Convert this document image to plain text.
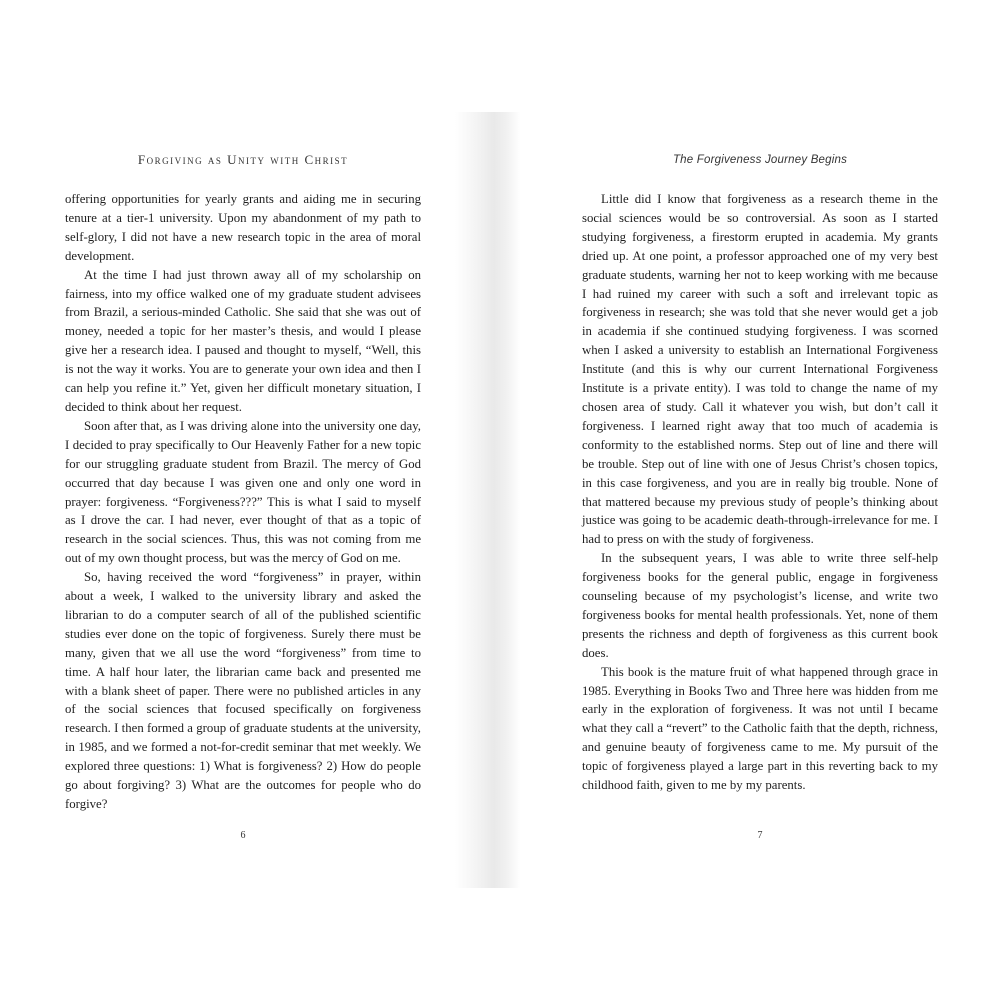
Forgiving as Unity with Christ

offering opportunities for yearly grants and aiding me in securing tenure at a tier-1 university. Upon my abandonment of my path to self-glory, I did not have a new research topic in the area of moral development.

At the time I had just thrown away all of my scholarship on fairness, into my office walked one of my graduate student advisees from Brazil, a serious-minded Catholic. She said that she was out of money, needed a topic for her master’s thesis, and would I please give her a research idea. I paused and thought to myself, “Well, this is not the way it works. You are to generate your own idea and then I can help you refine it.” Yet, given her difficult monetary situation, I decided to think about her request.

Soon after that, as I was driving alone into the university one day, I decided to pray specifically to Our Heavenly Father for a new topic for our struggling graduate student from Brazil. The mercy of God occurred that day because I was given one and only one word in prayer: forgiveness. “Forgiveness???” This is what I said to myself as I drove the car. I had never, ever thought of that as a topic of research in the social sciences. Thus, this was not coming from me out of my own thought process, but was the mercy of God on me.

So, having received the word “forgiveness” in prayer, within about a week, I walked to the university library and asked the librarian to do a computer search of all of the published scientific studies ever done on the topic of forgiveness. Surely there must be many, given that we all use the word “forgiveness” from time to time. A half hour later, the librarian came back and presented me with a blank sheet of paper. There were no published articles in any of the social sciences that focused specifically on forgiveness research. I then formed a group of graduate students at the university, in 1985, and we formed a not-for-credit seminar that met weekly. We explored three questions: 1) What is forgiveness? 2) How do people go about forgiving? 3) What are the outcomes for people who do forgive?

6
The Forgiveness Journey Begins

Little did I know that forgiveness as a research theme in the social sciences would be so controversial. As soon as I started studying forgiveness, a firestorm erupted in academia. My grants dried up. At one point, a professor approached one of my very best graduate students, warning her not to keep working with me because I had ruined my career with such a soft and irrelevant topic as forgiveness in research; she was told that she never would get a job in academia if she continued studying forgiveness. I was scorned when I asked a university to establish an International Forgiveness Institute (and this is why our current International Forgiveness Institute is a private entity). I was told to change the name of my chosen area of study. Call it whatever you wish, but don’t call it forgiveness. I learned right away that too much of academia is conformity to the established norms. Step out of line and there will be trouble. Step out of line with one of Jesus Christ’s chosen topics, in this case forgiveness, and you are in really big trouble. None of that mattered because my previous study of people’s thinking about justice was going to be academic death-through-irrelevance for me. I had to press on with the study of forgiveness.

In the subsequent years, I was able to write three self-help forgiveness books for the general public, engage in forgiveness counseling because of my psychologist’s license, and write two forgiveness books for mental health professionals. Yet, none of them presents the richness and depth of forgiveness as this current book does.

This book is the mature fruit of what happened through grace in 1985. Everything in Books Two and Three here was hidden from me early in the exploration of forgiveness. It was not until I became what they call a “revert” to the Catholic faith that the depth, richness, and genuine beauty of forgiveness came to me. My pursuit of the topic of forgiveness played a large part in this reverting back to my childhood faith, given to me by my parents.

7
